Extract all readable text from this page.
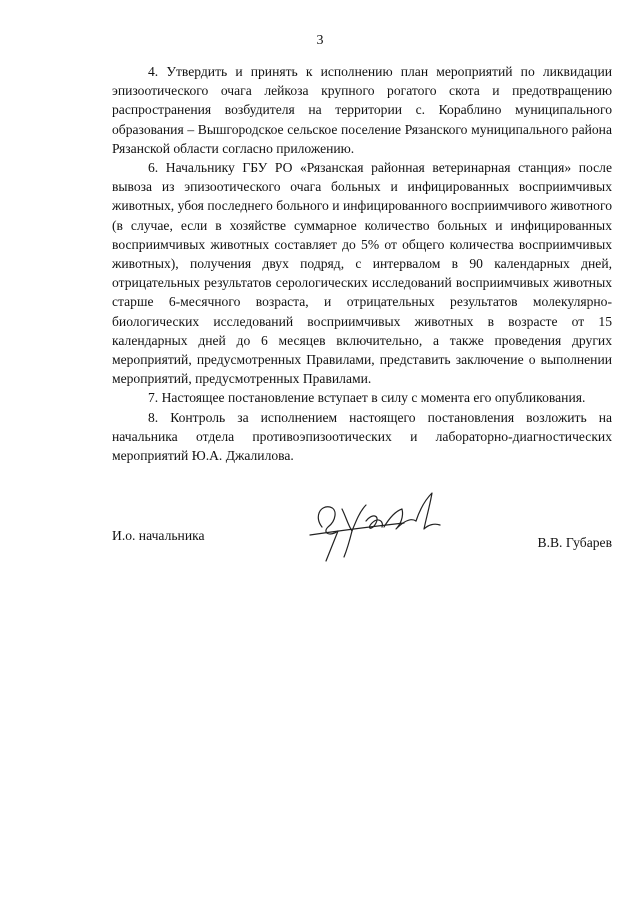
3

4. Утвердить и принять к исполнению план мероприятий по ликвидации эпизоотического очага лейкоза крупного рогатого скота и предотвращению распространения возбудителя на территории с. Кораблино муниципального образования – Вышгородское сельское поселение Рязанского муниципального района Рязанской области согласно приложению.

6. Начальнику ГБУ РО «Рязанская районная ветеринарная станция» после вывоза из эпизоотического очага больных и инфицированных восприимчивых животных, убоя последнего больного и инфицированного восприимчивого животного (в случае, если в хозяйстве суммарное количество больных и инфицированных восприимчивых животных составляет до 5% от общего количества восприимчивых животных), получения двух подряд, с интервалом в 90 календарных дней, отрицательных результатов серологических исследований восприимчивых животных старше 6-месячного возраста, и отрицательных результатов молекулярно-биологических исследований восприимчивых животных в возрасте от 15 календарных дней до 6 месяцев включительно, а также проведения других мероприятий, предусмотренных Правилами, представить заключение о выполнении мероприятий, предусмотренных Правилами.

7. Настоящее постановление вступает в силу с момента его опубликования.

8. Контроль за исполнением настоящего постановления возложить на начальника отдела противоэпизоотических и лабораторно-диагностических мероприятий Ю.А. Джалилова.

И.о. начальника	В.В. Губарев
